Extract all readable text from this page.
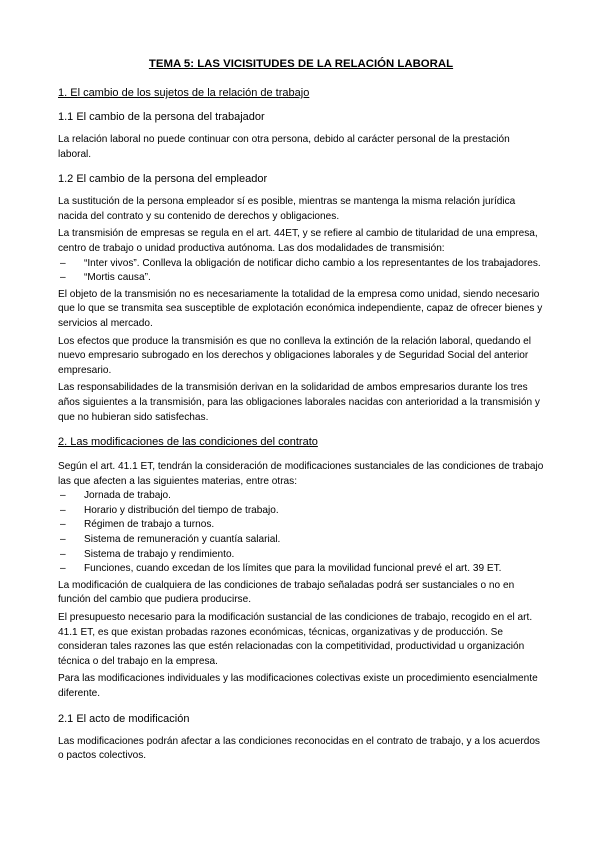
TEMA 5: LAS VICISITUDES DE LA RELACIÓN LABORAL
1. El cambio de los sujetos de la relación de trabajo
1.1 El cambio de la persona del trabajador

La relación laboral no puede continuar con otra persona, debido al carácter personal de la prestación laboral.

1.2 El cambio de la persona del empleador

La sustitución de la persona empleador sí es posible, mientras se mantenga la misma relación jurídica nacida del contrato y su contenido de derechos y obligaciones.

La transmisión de empresas se regula en el art. 44ET, y se refiere al cambio de titularidad de una empresa, centro de trabajo o unidad productiva autónoma. Las dos modalidades de transmisión:

– “Inter vivos”. Conlleva la obligación de notificar dicho cambio a los representantes de los trabajadores.
– “Mortis causa”.

El objeto de la transmisión no es necesariamente la totalidad de la empresa como unidad, siendo necesario que lo que se transmita sea susceptible de explotación económica independiente, capaz de ofrecer bienes y servicios al mercado.

Los efectos que produce la transmisión es que no conlleva la extinción de la relación laboral, quedando el nuevo empresario subrogado en los derechos y obligaciones laborales y de Seguridad Social del anterior empresario.

Las responsabilidades de la transmisión derivan en la solidaridad de ambos empresarios durante los tres años siguientes a la transmisión, para las obligaciones laborales nacidas con anterioridad a la transmisión y que no hubieran sido satisfechas.

2. Las modificaciones de las condiciones del contrato

Según el art. 41.1 ET, tendrán la consideración de modificaciones sustanciales de las condiciones de trabajo las que afecten a las siguientes materias, entre otras:

– Jornada de trabajo.
– Horario y distribución del tiempo de trabajo.
– Régimen de trabajo a turnos.
– Sistema de remuneración y cuantía salarial.
– Sistema de trabajo y rendimiento.
– Funciones, cuando excedan de los límites que para la movilidad funcional prevé el art. 39 ET.

La modificación de cualquiera de las condiciones de trabajo señaladas podrá ser sustanciales o no en función del cambio que pudiera producirse.

El presupuesto necesario para la modificación sustancial de las condiciones de trabajo, recogido en el art. 41.1 ET, es que existan probadas razones económicas, técnicas, organizativas y de producción. Se consideran tales razones las que estén relacionadas con la competitividad, productividad u organización técnica o del trabajo en la empresa.

Para las modificaciones individuales y las modificaciones colectivas existe un procedimiento esencialmente diferente.

2.1 El acto de modificación

Las modificaciones podrán afectar a las condiciones reconocidas en el contrato de trabajo, y a los acuerdos o pactos colectivos.
